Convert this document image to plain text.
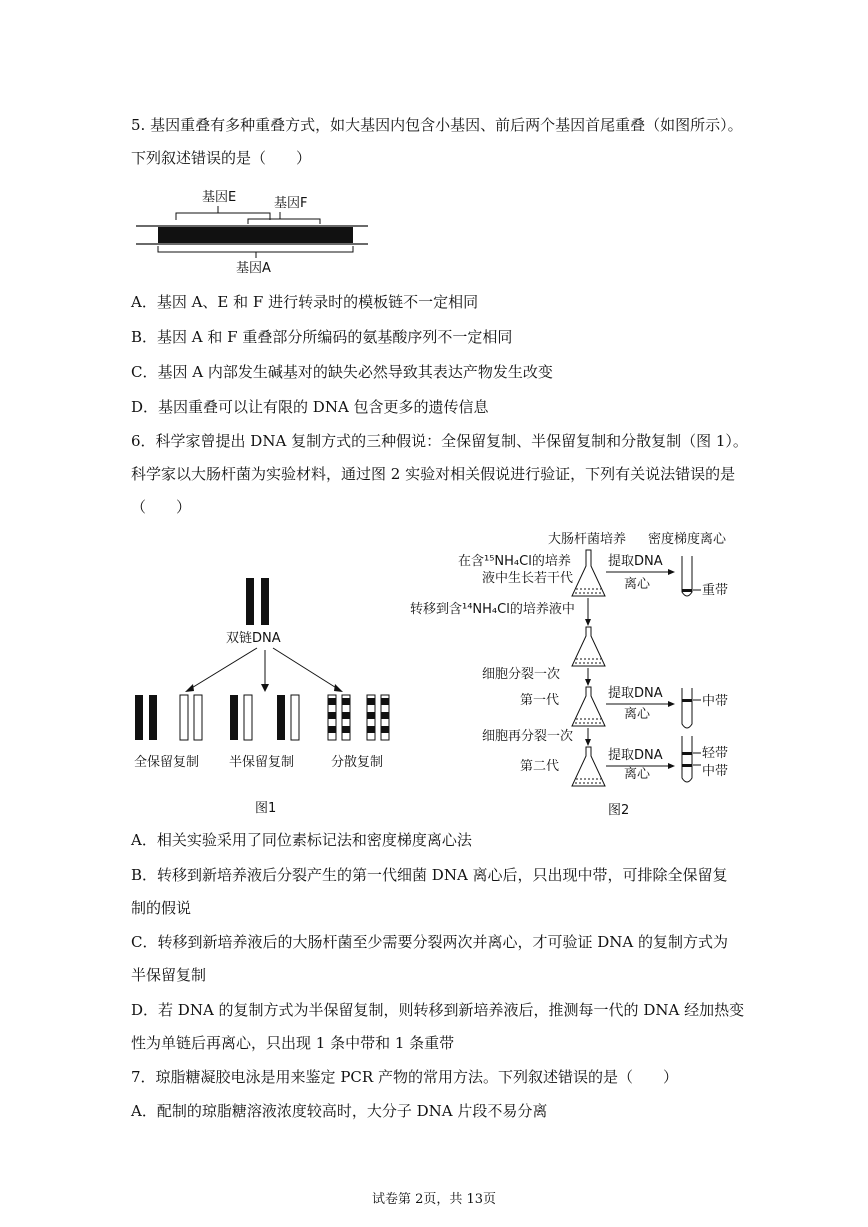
5. 基因重叠有多种重叠方式，如大基因内包含小基因、前后两个基因首尾重叠（如图所示）。
下列叙述错误的是（　　）
基因E	基因F
基因A
A．基因 A、E 和 F 进行转录时的模板链不一定相同
B．基因 A 和 F 重叠部分所编码的氨基酸序列不一定相同
C．基因 A 内部发生碱基对的缺失必然导致其表达产物发生改变
D．基因重叠可以让有限的 DNA 包含更多的遗传信息
6．科学家曾提出 DNA 复制方式的三种假说：全保留复制、半保留复制和分散复制（图 1）。
科学家以大肠杆菌为实验材料，通过图 2 实验对相关假说进行验证，下列有关说法错误的是
（　　）
双链DNA
全保留复制 半保留复制	分散复制
图1
大肠杆菌培养 密度梯度离心
在含¹⁵NH₄Cl的培养
液中生长若干代
提取DNA
离心	重带
转移到含¹⁴NH₄Cl的培养液中
细胞分裂一次
第一代	提取DNA
离心
中带
细胞再分裂一次
第二代
提取DNA
离心
轻带
中带
图2
A．相关实验采用了同位素标记法和密度梯度离心法
B．转移到新培养液后分裂产生的第一代细菌 DNA 离心后，只出现中带，可排除全保留复
制的假说
C．转移到新培养液后的大肠杆菌至少需要分裂两次并离心，才可验证 DNA 的复制方式为
半保留复制
D．若 DNA 的复制方式为半保留复制，则转移到新培养液后，推测每一代的 DNA 经加热变
性为单链后再离心，只出现 1 条中带和 1 条重带
7．琼脂糖凝胶电泳是用来鉴定 PCR 产物的常用方法。下列叙述错误的是（　　）
A．配制的琼脂糖溶液浓度较高时，大分子 DNA 片段不易分离
试卷第 2页，共 13页
